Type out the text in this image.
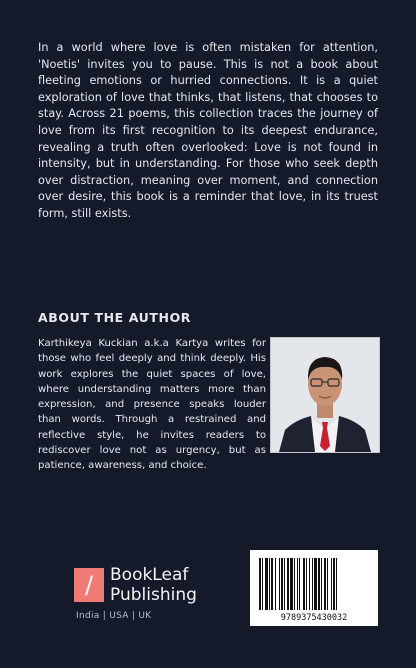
In a world where love is often mistaken for attention, 'Noetis' invites you to pause. This is not a book about fleeting emotions or hurried connections. It is a quiet exploration of love that thinks, that listens, that chooses to stay. Across 21 poems, this collection traces the journey of love from its first recognition to its deepest endurance, revealing a truth often overlooked: Love is not found in intensity, but in understanding. For those who seek depth over distraction, meaning over moment, and connection over desire, this book is a reminder that love, in its truest form, still exists.

ABOUT THE AUTHOR

Karthikeya Kuckian a.k.a Kartya writes for those who feel deeply and think deeply. His work explores the quiet spaces of love, where understanding matters more than expression, and presence speaks louder than words. Through a restrained and reflective style, he invites readers to rediscover love not as urgency, but as patience, awareness, and choice.

/ BookLeaf
Publishing
India | USA | UK	9789375430032
